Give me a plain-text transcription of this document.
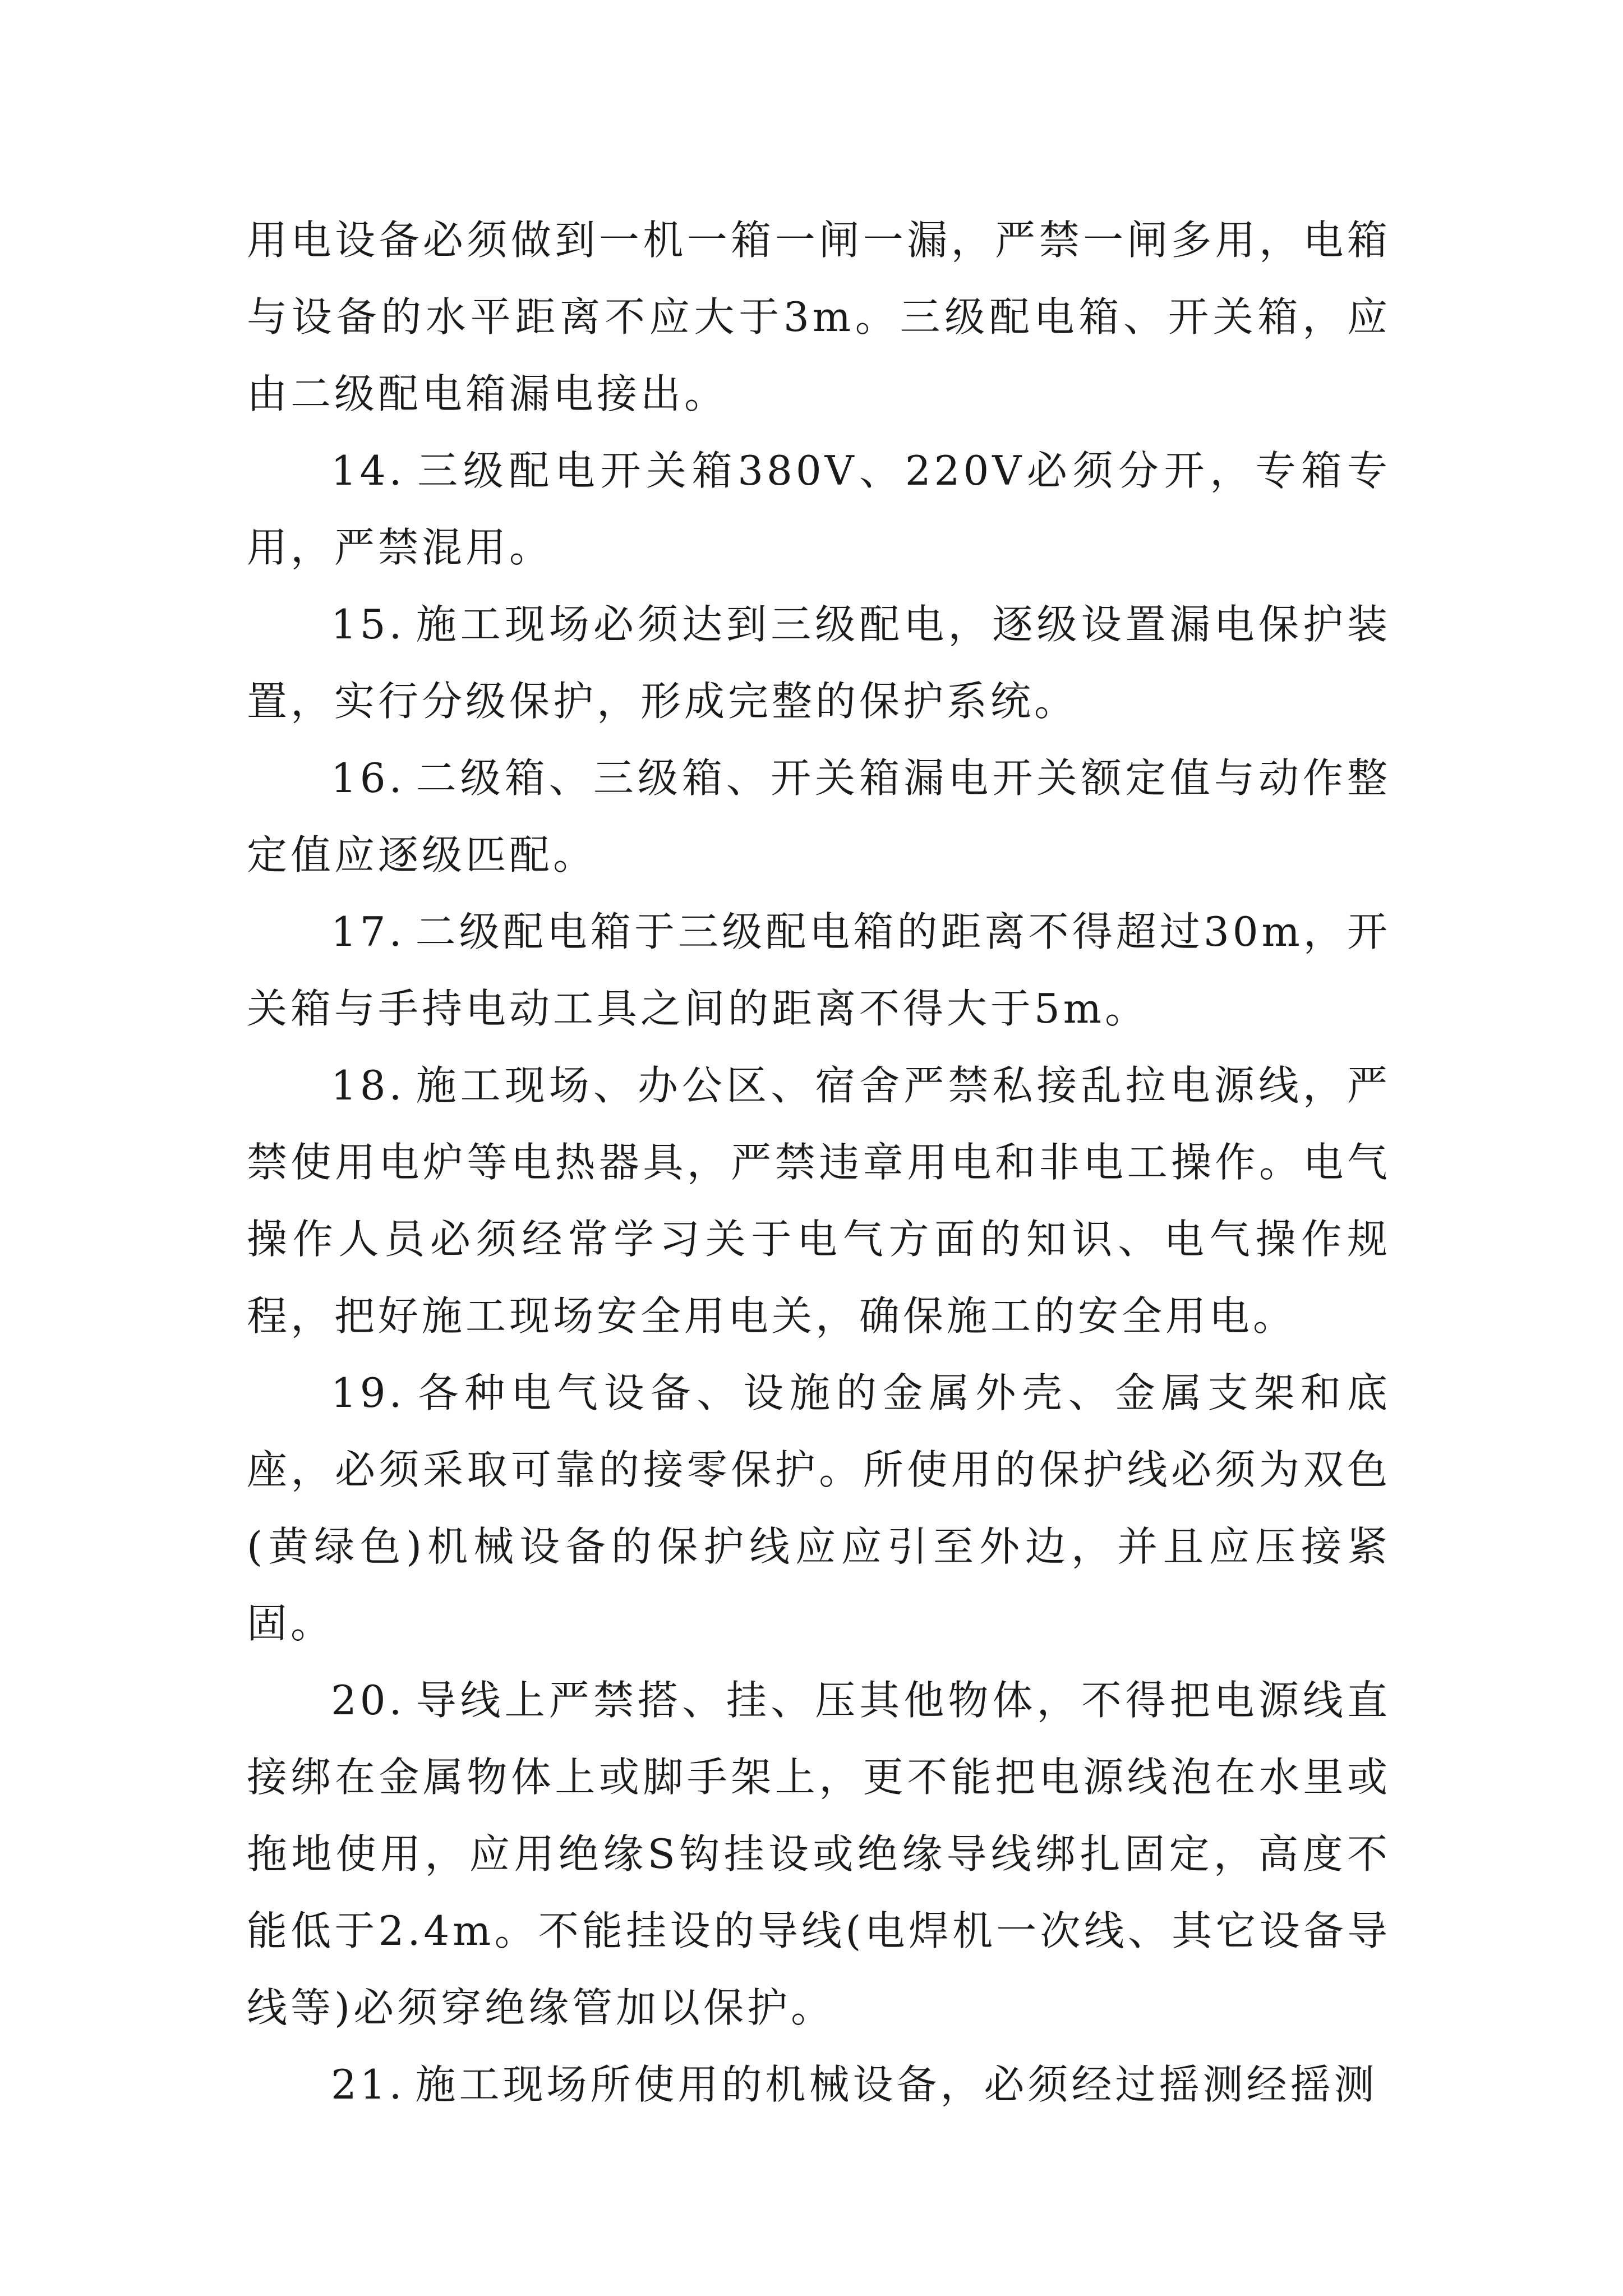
用电设备必须做到一机一箱一闸一漏，严禁一闸多用，电箱与设备的水平距离不应大于3m。三级配电箱、开关箱，应由二级配电箱漏电接出。

14. 三级配电开关箱380V、220V必须分开，专箱专用，严禁混用。

15. 施工现场必须达到三级配电，逐级设置漏电保护装置，实行分级保护，形成完整的保护系统。

16. 二级箱、三级箱、开关箱漏电开关额定值与动作整定值应逐级匹配。

17. 二级配电箱于三级配电箱的距离不得超过30m，开关箱与手持电动工具之间的距离不得大于5m。

18. 施工现场、办公区、宿舍严禁私接乱拉电源线，严禁使用电炉等电热器具，严禁违章用电和非电工操作。电气操作人员必须经常学习关于电气方面的知识、电气操作规程，把好施工现场安全用电关，确保施工的安全用电。

19. 各种电气设备、设施的金属外壳、金属支架和底座，必须采取可靠的接零保护。所使用的保护线必须为双色(黄绿色)机械设备的保护线应应引至外边，并且应压接紧固。

20. 导线上严禁搭、挂、压其他物体，不得把电源线直接绑在金属物体上或脚手架上，更不能把电源线泡在水里或拖地使用，应用绝缘S钩挂设或绝缘导线绑扎固定，高度不能低于2.4m。不能挂设的导线(电焊机一次线、其它设备导线等)必须穿绝缘管加以保护。

21. 施工现场所使用的机械设备，必须经过摇测经摇测
